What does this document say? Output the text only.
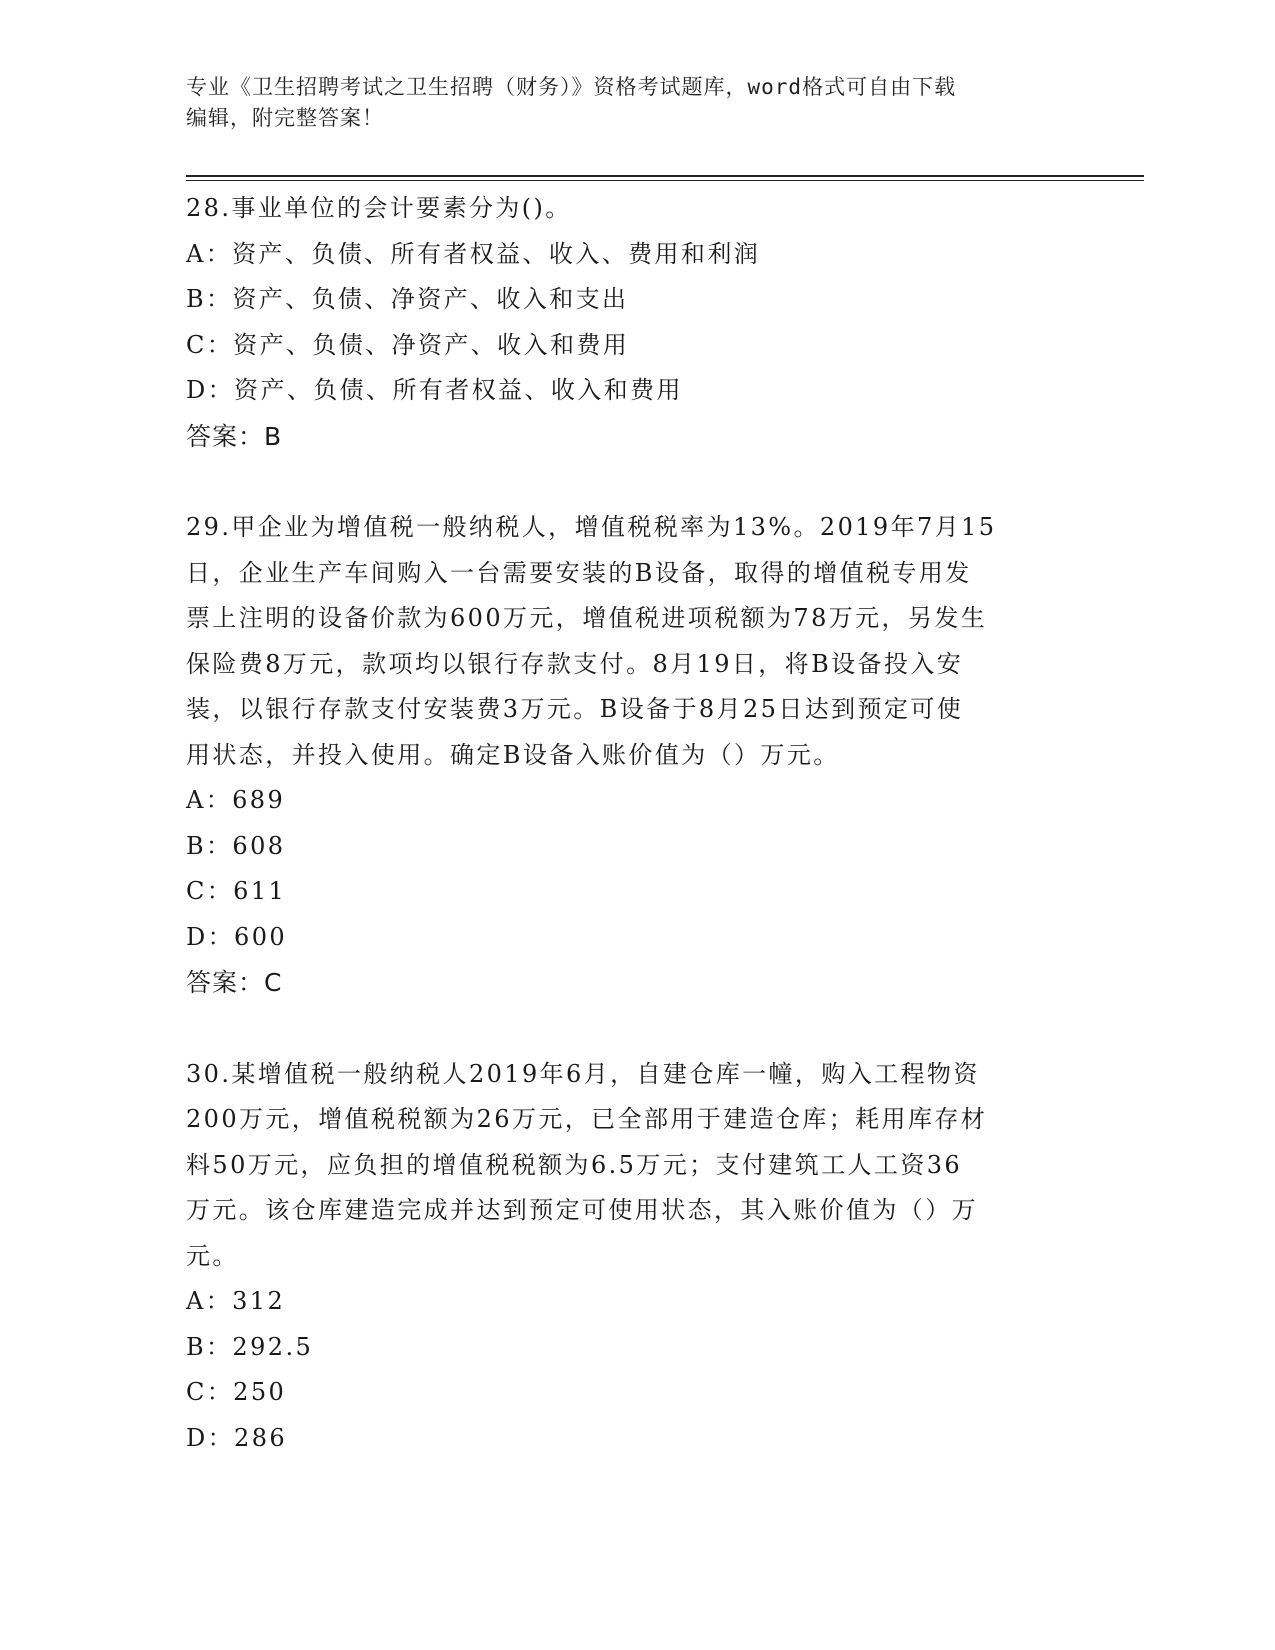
专业《卫生招聘考试之卫生招聘（财务）》资格考试题库，word格式可自由下载
编辑，附完整答案！

28.事业单位的会计要素分为()。

A：资产、负债、所有者权益、收入、费用和利润
B：资产、负债、净资产、收入和支出
C：资产、负债、净资产、收入和费用
D：资产、负债、所有者权益、收入和费用

答案：B

29.甲企业为增值税一般纳税人，增值税税率为13%。2019年7月15
日，企业生产车间购入一台需要安装的B设备，取得的增值税专用发
票上注明的设备价款为600万元，增值税进项税额为78万元，另发生
保险费8万元，款项均以银行存款支付。8月19日，将B设备投入安
装，以银行存款支付安装费3万元。B设备于8月25日达到预定可使
用状态，并投入使用。确定B设备入账价值为（）万元。
A：689
B：608
C：611
D：600

答案：C

30.某增值税一般纳税人2019年6月，自建仓库一幢，购入工程物资
200万元，增值税税额为26万元，已全部用于建造仓库；耗用库存材
料50万元，应负担的增值税税额为6.5万元；支付建筑工人工资36
万元。该仓库建造完成并达到预定可使用状态，其入账价值为（）万
元。
A：312
B：292.5
C：250
D：286
